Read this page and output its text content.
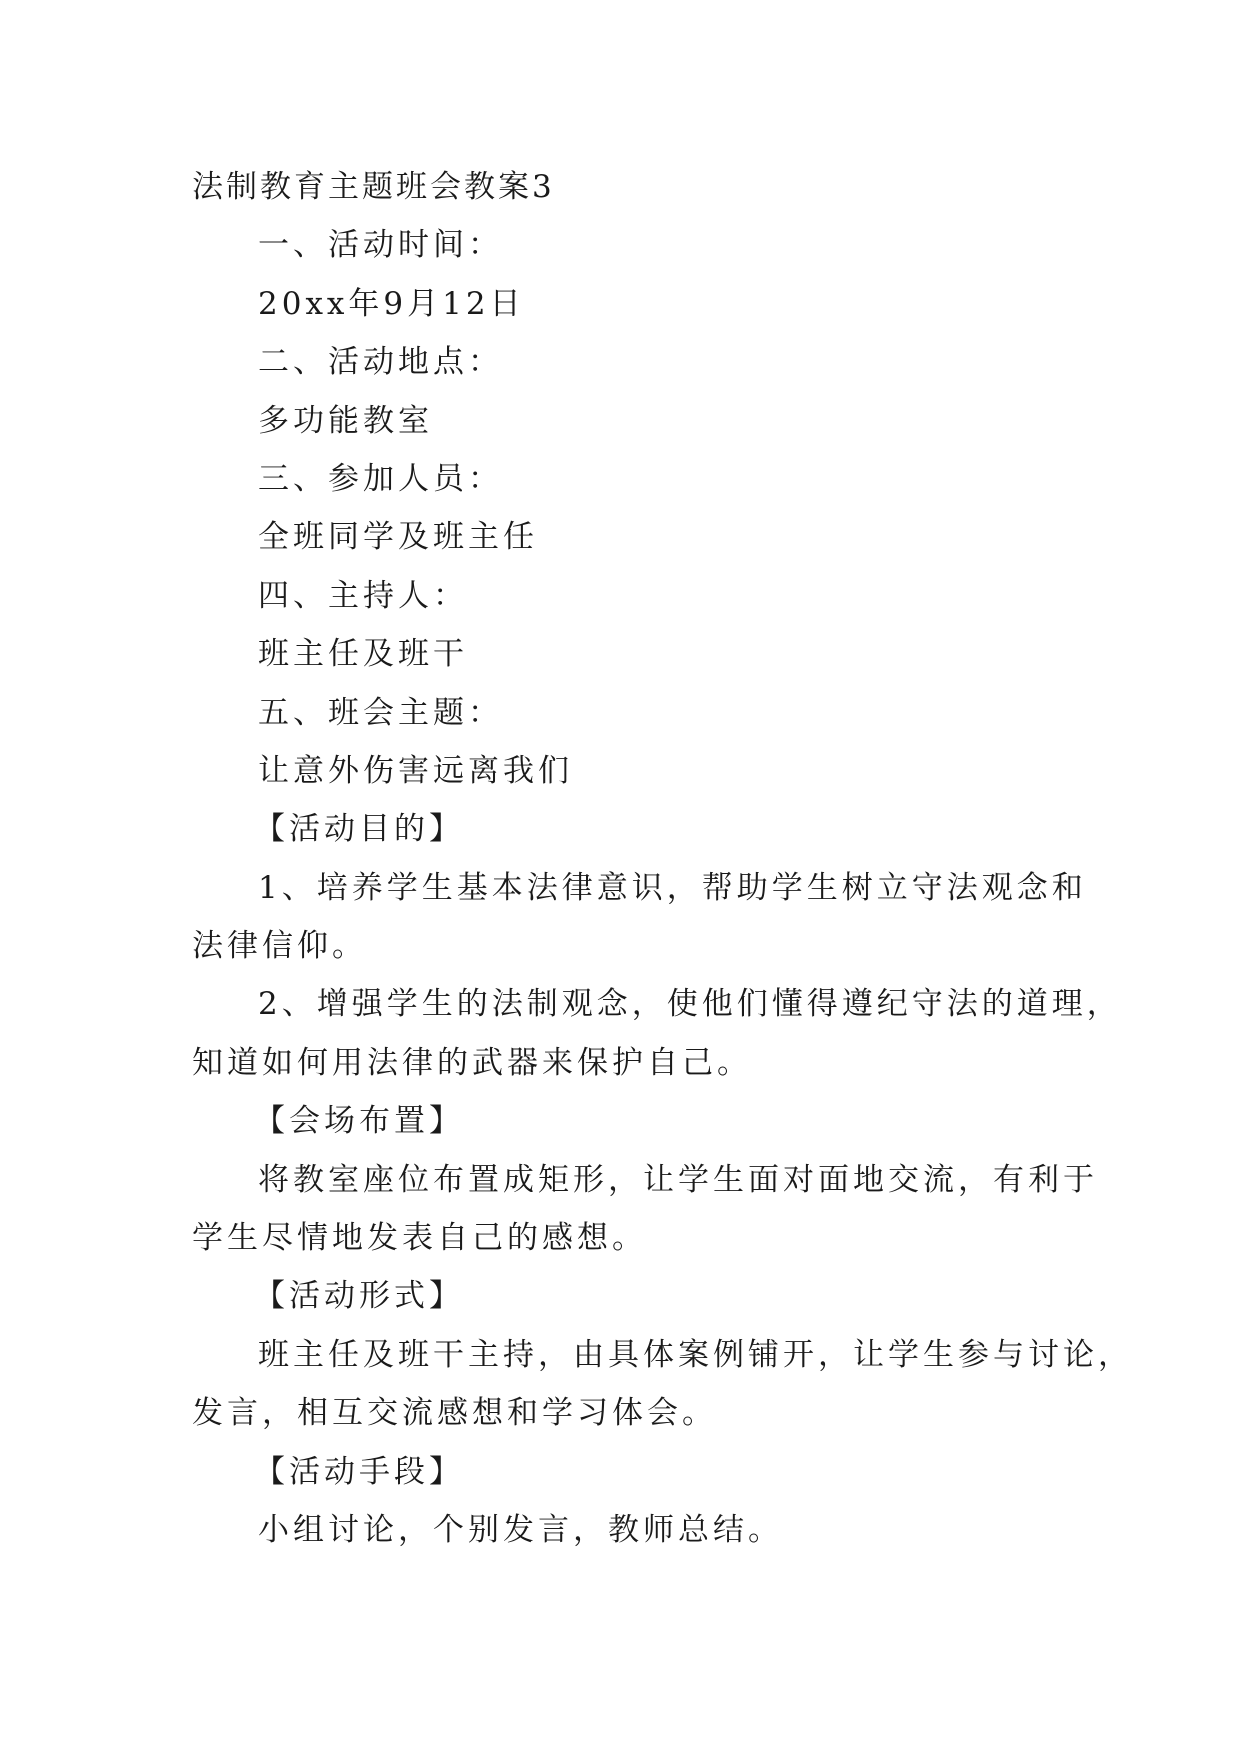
法制教育主题班会教案3
一、活动时间：
20xx年9月12日
二、活动地点：
多功能教室
三、参加人员：
全班同学及班主任
四、主持人：
班主任及班干
五、班会主题：
让意外伤害远离我们
【活动目的】
1、培养学生基本法律意识，帮助学生树立守法观念和
法律信仰。
2、增强学生的法制观念，使他们懂得遵纪守法的道理，
知道如何用法律的武器来保护自己。
【会场布置】
将教室座位布置成矩形，让学生面对面地交流，有利于
学生尽情地发表自己的感想。
【活动形式】
班主任及班干主持，由具体案例铺开，让学生参与讨论，
发言，相互交流感想和学习体会。
【活动手段】
小组讨论，个别发言，教师总结。
